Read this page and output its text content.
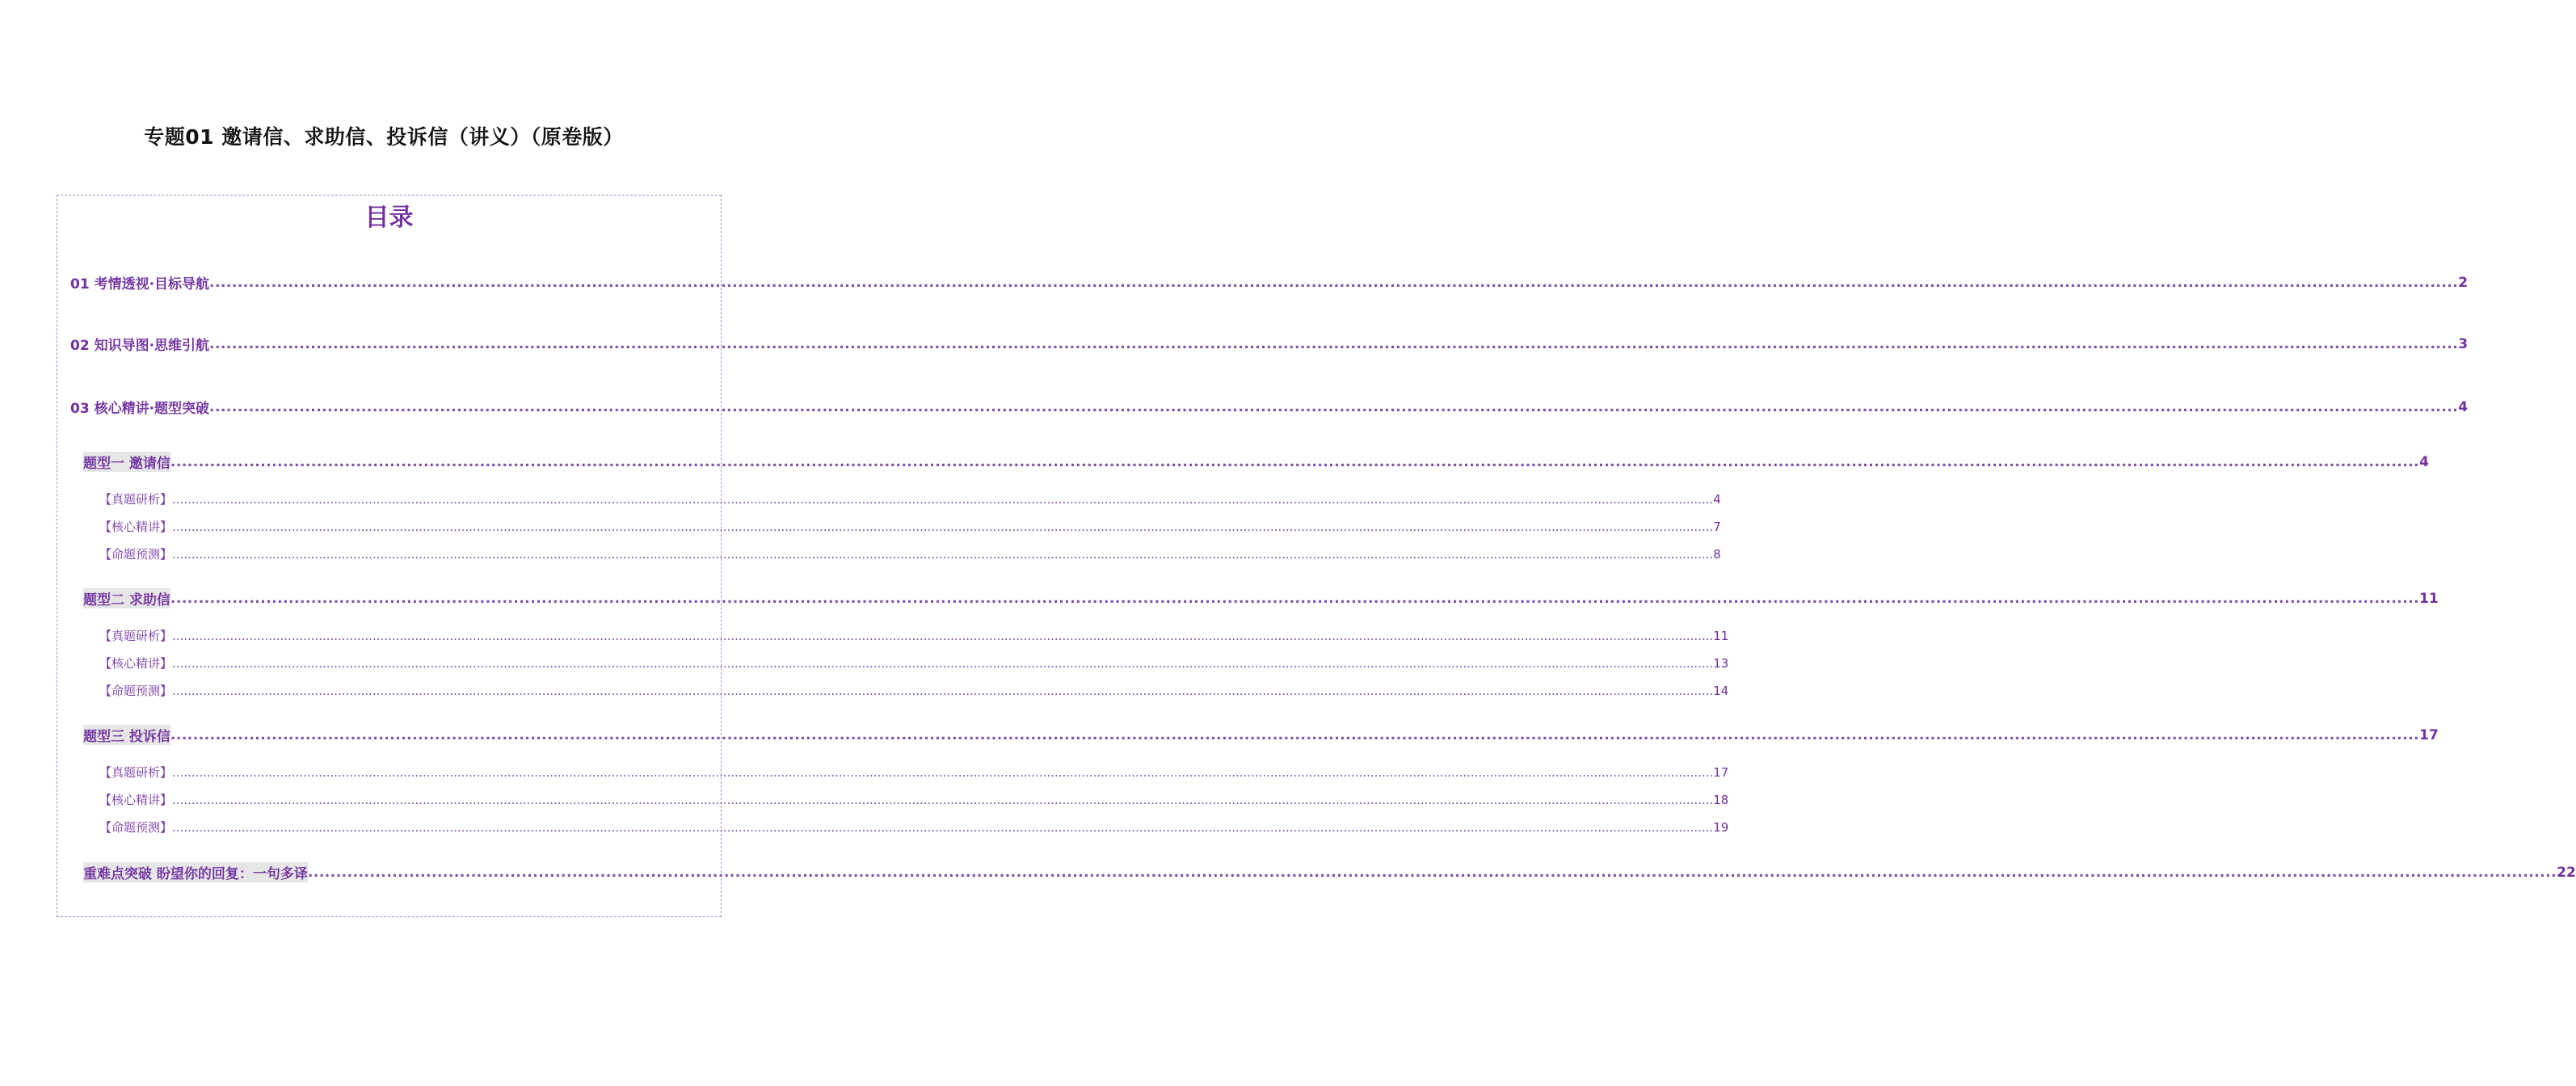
专题01 邀请信、求助信、投诉信（讲义）（原卷版）
目录
01 考情透视·目标导航 ................................................................................................................................................................................................................................................................................................................................................................................................................ 2
02 知识导图·思维引航 ................................................................................................................................................................................................................................................................................................................................................................................................................ 3
03 核心精讲·题型突破 ................................................................................................................................................................................................................................................................................................................................................................................................................ 4
题型一 邀请信 ................................................................................................................................................................................................................................................................................................................................................................................................................ 4
【真题研析】 ................................................................................................................................................................................................................................................................................................................................................................................................................ 4
【核心精讲】 ................................................................................................................................................................................................................................................................................................................................................................................................................ 7
【命题预测】 ................................................................................................................................................................................................................................................................................................................................................................................................................ 8
题型二 求助信 ................................................................................................................................................................................................................................................................................................................................................................................................................ 11
【真题研析】 ................................................................................................................................................................................................................................................................................................................................................................................................................ 11
【核心精讲】 ................................................................................................................................................................................................................................................................................................................................................................................................................ 13
【命题预测】 ................................................................................................................................................................................................................................................................................................................................................................................................................ 14
题型三 投诉信 ................................................................................................................................................................................................................................................................................................................................................................................................................ 17
【真题研析】 ................................................................................................................................................................................................................................................................................................................................................................................................................ 17
【核心精讲】 ................................................................................................................................................................................................................................................................................................................................................................................................................ 18
【命题预测】 ................................................................................................................................................................................................................................................................................................................................................................................................................ 19
重难点突破 盼望你的回复：一句多译 ................................................................................................................................................................................................................................................................................................................................................................................................................ 22
